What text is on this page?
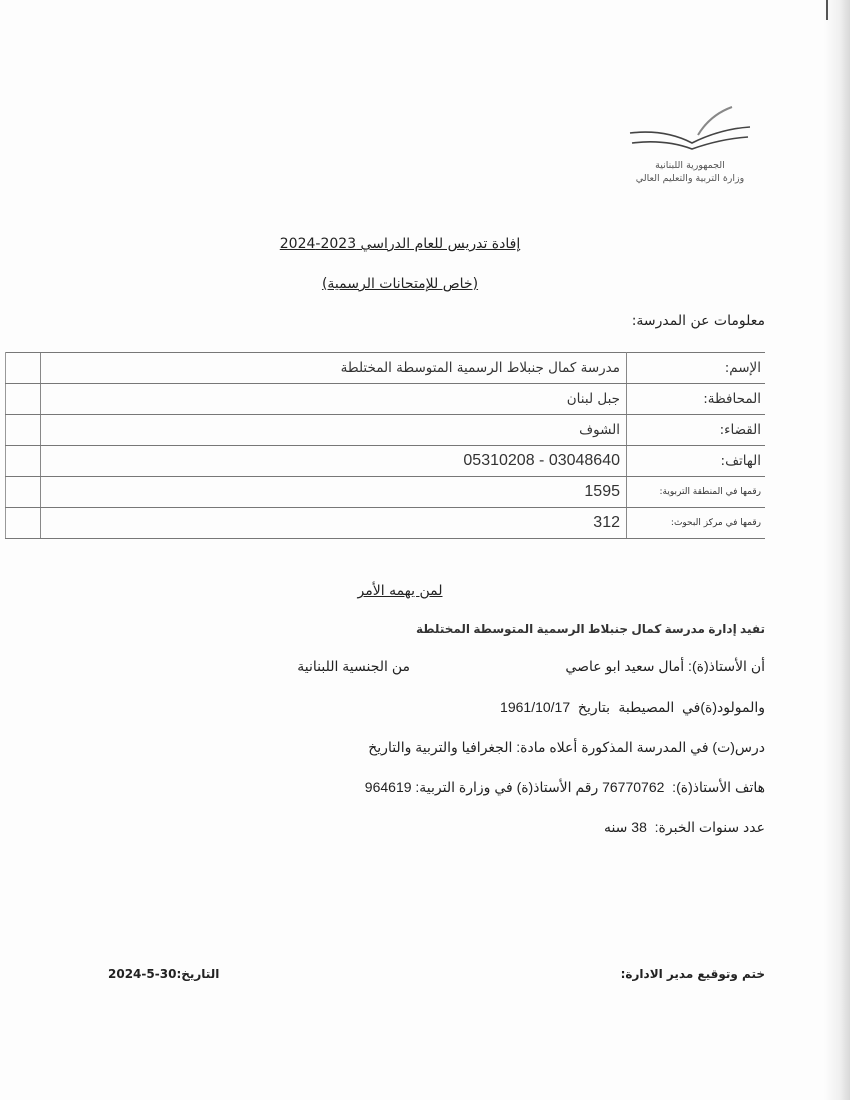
الجمهورية اللبنانية
وزارة التربية والتعليم العالي
إفادة تدريس للعام الدراسي 2023-2024
(خاص للإمتحانات الرسمية)
معلومات عن المدرسة:
الإسم:	مدرسة كمال جنبلاط الرسمية المتوسطة المختلطة	
المحافظة:	جبل لبنان	
القضاء:	الشوف	
الهاتف:	03048640 - 05310208	
رقمها في المنطقة التربوية:	1595	
رقمها في مركز البحوث:	312	
لمن يهمه الأمر
تفيد إدارة مدرسة كمال جنبلاط الرسمية المتوسطة المختلطة
أن الأستاذ(ة): أمال سعيد ابو عاصي
من الجنسية اللبنانية
والمولود(ة)في  المصيطبة
بتاريخ  1961/10/17
درس(ت) في المدرسة المذكورة أعلاه مادة: الجغرافيا والتربية والتاريخ
هاتف الأستاذ(ة):  76770762 رقم الأستاذ(ة) في وزارة التربية: 964619
عدد سنوات الخبرة:  38 سنه
ختم وتوقيع مدير الادارة:
التاريخ:30-5-2024
